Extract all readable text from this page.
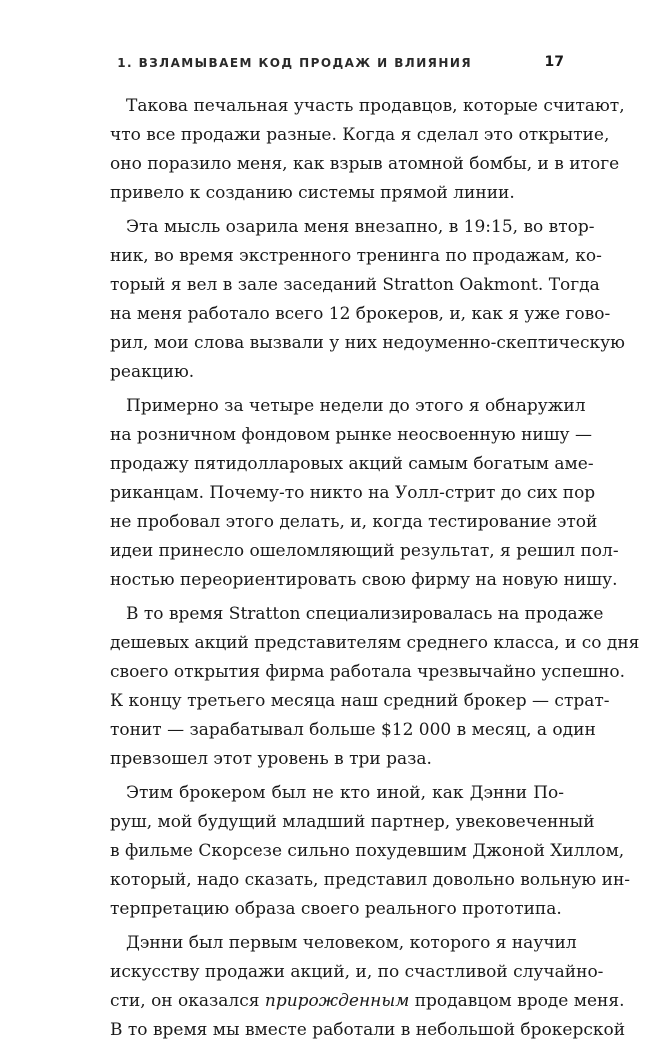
1. ВЗЛАМЫВАЕМ КОД ПРОДАЖ И ВЛИЯНИЯ	17
Такова печальная участь продавцов, которые считают,
что все продажи разные. Когда я сделал это открытие,
оно поразило меня, как взрыв атомной бомбы, и в итоге
привело к созданию системы прямой линии.
Эта мысль озарила меня внезапно, в 19:15, во втор-
ник, во время экстренного тренинга по продажам, ко-
торый я вел в зале заседаний Stratton Oakmont. Тогда
на меня работало всего 12 брокеров, и, как я уже гово-
рил, мои слова вызвали у них недоуменно-скептическую
реакцию.
Примерно за четыре недели до этого я обнаружил
на розничном фондовом рынке неосвоенную нишу —
продажу пятидолларовых акций самым богатым аме-
риканцам. Почему-то никто на Уолл-стрит до сих пор
не пробовал этого делать, и, когда тестирование этой
идеи принесло ошеломляющий результат, я решил пол-
ностью переориентировать свою фирму на новую нишу.
В то время Stratton специализировалась на продаже
дешевых акций представителям среднего класса, и со дня
своего открытия фирма работала чрезвычайно успешно.
К концу третьего месяца наш средний брокер — страт-
тонит — зарабатывал больше $12 000 в месяц, а один
превзошел этот уровень в три раза.
Этим брокером был не кто иной, как Дэнни По-
руш, мой будущий младший партнер, увековеченный
в фильме Скорсезе сильно похудевшим Джоной Хиллом,
который, надо сказать, представил довольно вольную ин-
терпретацию образа своего реального прототипа.
Дэнни был первым человеком, которого я научил
искусству продажи акций, и, по счастливой случайно-
сти, он оказался прирожденным продавцом вроде меня.
В то время мы вместе работали в небольшой брокерской
